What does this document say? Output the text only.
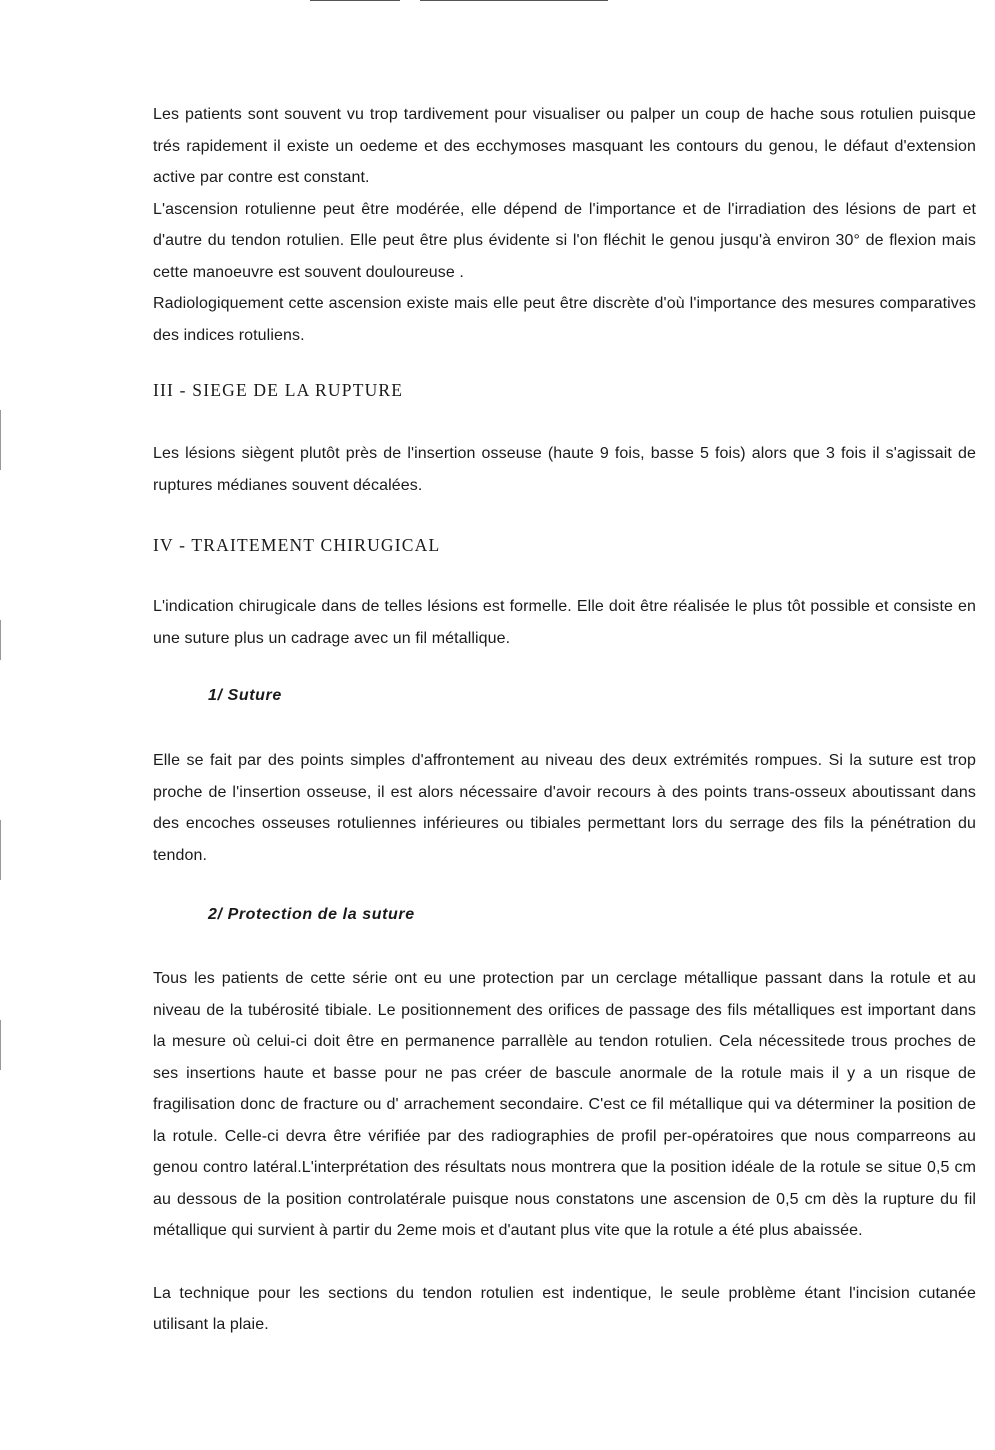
Les patients sont souvent vu trop tardivement pour visualiser ou palper un coup de hache sous rotulien puisque trés rapidement il existe un oedeme et des ecchymoses masquant les contours du genou, le défaut d'extension active par contre est constant.

L'ascension rotulienne peut être modérée, elle dépend de l'importance et de l'irradiation des lésions de part et d'autre du tendon rotulien. Elle peut être plus évidente si l'on fléchit le genou jusqu'à environ 30° de flexion mais cette manoeuvre est souvent douloureuse .

Radiologiquement cette ascension existe mais elle peut être discrète d'où l'importance des mesures comparatives des indices rotuliens.

III - SIEGE DE LA RUPTURE

Les lésions siègent plutôt près de l'insertion osseuse (haute 9 fois, basse 5 fois) alors que 3 fois il s'agissait de ruptures médianes souvent décalées.

IV - TRAITEMENT CHIRUGICAL

L'indication chirugicale dans de telles lésions est formelle. Elle doit être réalisée le plus tôt possible et consiste en une suture plus un cadrage avec un fil métallique.

1/ Suture

Elle se fait par des points simples d'affrontement au niveau des deux extrémités rompues. Si la suture est trop proche de l'insertion osseuse, il est alors nécessaire d'avoir recours à des points trans-osseux aboutissant dans des encoches osseuses rotuliennes inférieures ou tibiales permettant lors du serrage des fils la pénétration du tendon.

2/ Protection de la suture

Tous les patients de cette série ont eu une protection par un cerclage métallique passant dans la rotule et au niveau de la tubérosité tibiale. Le positionnement des orifices de passage des fils métalliques est important dans la mesure où celui-ci doit être en permanence parrallèle au tendon rotulien. Cela nécessitede trous proches de ses insertions haute et basse pour ne pas créer de bascule anormale de la rotule mais il y a un risque de fragilisation donc de fracture ou d' arrachement secondaire. C'est ce fil métallique qui va déterminer la position de la rotule. Celle-ci devra être vérifiée par des radiographies de profil per-opératoires que nous comparreons au genou contro latéral.L'interprétation des résultats nous montrera que la position idéale de la rotule se situe 0,5 cm au dessous de la position controlatérale puisque nous constatons une ascension de 0,5 cm dès la rupture du fil métallique qui survient à partir du 2eme mois et d'autant plus vite que la rotule a été plus abaissée.

La technique pour les sections du tendon rotulien est indentique, le seule problème étant l'incision cutanée utilisant la plaie.
